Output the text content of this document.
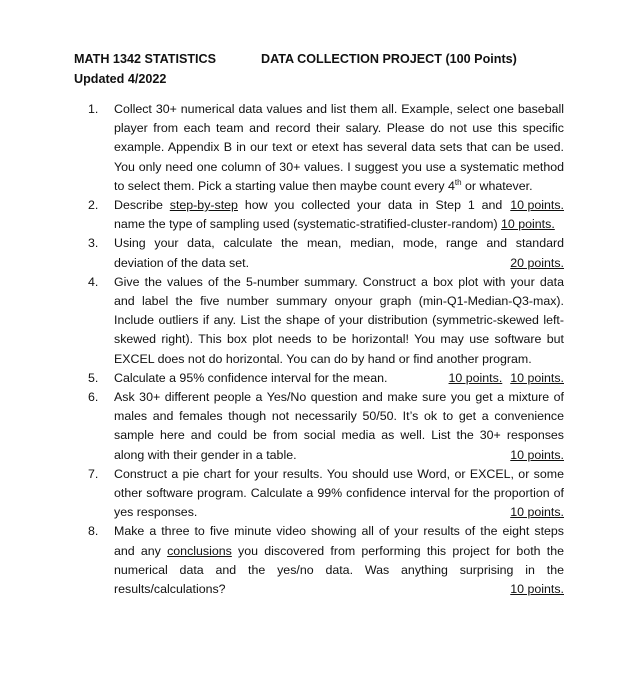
MATH 1342 STATISTICS	DATA COLLECTION PROJECT (100 Points)
Updated 4/2022
1. Collect 30+ numerical data values and list them all. Example, select one baseball player from each team and record their salary. Please do not use this specific example. Appendix B in our text or etext has several data sets that can be used. You only need one column of 30+ values. I suggest you use a systematic method to select them. Pick a starting value then maybe count every 4th or whatever.
10 points.
2. Describe step-by-step how you collected your data in Step 1 and name the type of sampling used (systematic-stratified-cluster-random) 10 points.
3. Using your data, calculate the mean, median, mode, range and standard deviation of the data set.	20 points.
4. Give the values of the 5-number summary. Construct a box plot with your data and label the five number summary onyour graph (min-Q1-Median-Q3-max). Include outliers if any. List the shape of your distribution (symmetric-skewed left-skewed right). This box plot needs to be horizontal! You may use software but EXCEL does not do horizontal. You can do by hand or find another program.
10 points.
5. Calculate a 95% confidence interval for the mean.	10 points.
6. Ask 30+ different people a Yes/No question and make sure you get a mixture of males and females though not necessarily 50/50. It’s ok to get a convenience sample here and could be from social media as well. List the 30+ responses along with their gender in a table.	10 points.
7. Construct a pie chart for your results. You should use Word, or EXCEL, or some other software program. Calculate a 99% confidence interval for the proportion of yes responses.	10 points.
8. Make a three to five minute video showing all of your results of the eight steps and any conclusions you discovered from performing this project for both the numerical data and the yes/no data. Was anything surprising in the results/calculations?	10 points.
